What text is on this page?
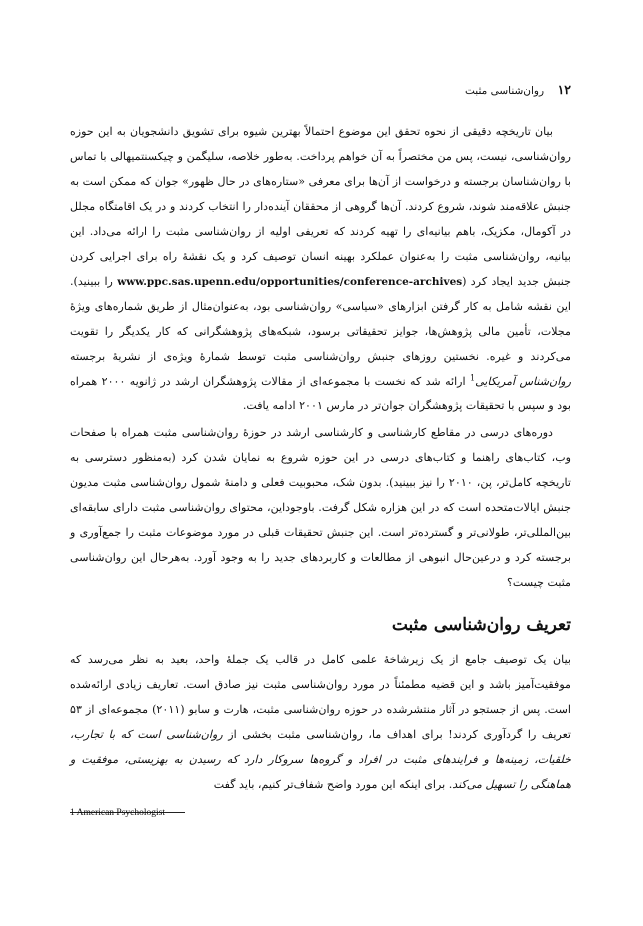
۱۲ روان‌شناسی مثبت

بیان تاریخچه دقیقی از نحوه تحقق این موضوع احتمالاً بهترین شیوه برای تشویق دانشجویان به این حوزه روان‌شناسی، نیست، پس من مختصراً به آن خواهم پرداخت. به‌طور خلاصه، سلیگمن و چیکسنتمیهالی با تماس با روان‌شناسان برجسته و درخواست از آن‌ها برای معرفی «ستاره‌های در حال ظهور» جوان که ممکن است به جنبش علاقه‌مند شوند، شروع کردند. آن‌ها گروهی از محققان آینده‌دار را انتخاب کردند و در یک اقامتگاه مجلل در آکومال، مکزیک، باهم بیانیه‌ای را تهیه کردند که تعریفی اولیه از روان‌شناسی مثبت را ارائه می‌داد. این بیانیه، روان‌شناسی مثبت را به‌عنوان عملکرد بهینه انسان توصیف کرد و یک نقشهٔ راه برای اجرایی کردن جنبش جدید ایجاد کرد (www.ppc.sas.upenn.edu/opportunities/conference-archives را ببینید). این نقشه شامل به کار گرفتن ابزارهای «سیاسی» روان‌شناسی بود، به‌عنوان‌مثال از طریق شماره‌های ویژهٔ مجلات، تأمین مالی پژوهش‌ها، جوایز تحقیقاتی برسود، شبکه‌های پژوهشگرانی که کار یکدیگر را تقویت می‌کردند و غیره. نخستین روزهای جنبش روان‌شناسی مثبت توسط شمارهٔ ویژه‌ی از نشریهٔ برجسته روان‌شناس آمریکایی$^1$ ارائه شد که نخست با مجموعه‌ای از مقالات پژوهشگران ارشد در ژانویه ۲۰۰۰ همراه بود و سپس با تحقیقات پژوهشگران جوان‌تر در مارس ۲۰۰۱ ادامه یافت.

دوره‌های درسی در مقاطع کارشناسی و کارشناسی ارشد در حوزهٔ روان‌شناسی مثبت همراه با صفحات وب، کتاب‌های راهنما و کتاب‌های درسی در این حوزه شروع به نمایان شدن کرد (به‌منظور دسترسی به تاریخچه کامل‌تر، پن، ۲۰۱۰ را نیز ببینید). بدون شک، محبوبیت فعلی و دامنهٔ شمول روان‌شناسی مثبت مدیون جنبش ایالات‌متحده است که در این هزاره شکل گرفت. باوجوداین، محتوای روان‌شناسی مثبت دارای سابقه‌ای بین‌المللی‌تر، طولانی‌تر و گسترده‌تر است. این جنبش تحقیقات قبلی در مورد موضوعات مثبت را جمع‌آوری و برجسته کرد و درعین‌حال انبوهی از مطالعات و کاربردهای جدید را به وجود آورد. به‌هرحال این روان‌شناسی مثبت چیست؟

تعریف روان‌شناسی مثبت

بیان یک توصیف جامع از یک زیرشاخهٔ علمی کامل در قالب یک جملهٔ واحد، بعید به نظر می‌رسد که موفقیت‌آمیز باشد و این قضیه مطمئناً در مورد روان‌شناسی مثبت نیز صادق است. تعاریف زیادی ارائه‌شده است. پس از جستجو در آثار منتشرشده در حوزه روان‌شناسی مثبت، هارت و سابو (۲۰۱۱) مجموعه‌ای از ۵۳ تعریف را گردآوری کردند! برای اهداف ما، روان‌شناسی مثبت بخشی از روان‌شناسی است که با تجارب، خلقیات، زمینه‌ها و فرایندهای مثبت در افراد و گروه‌ها سروکار دارد که رسیدن به بهزیستی، موفقیت و هماهنگی را تسهیل می‌کند. برای اینکه این مورد واضح شفاف‌تر کنیم، باید گفت

1 American Psychologist
